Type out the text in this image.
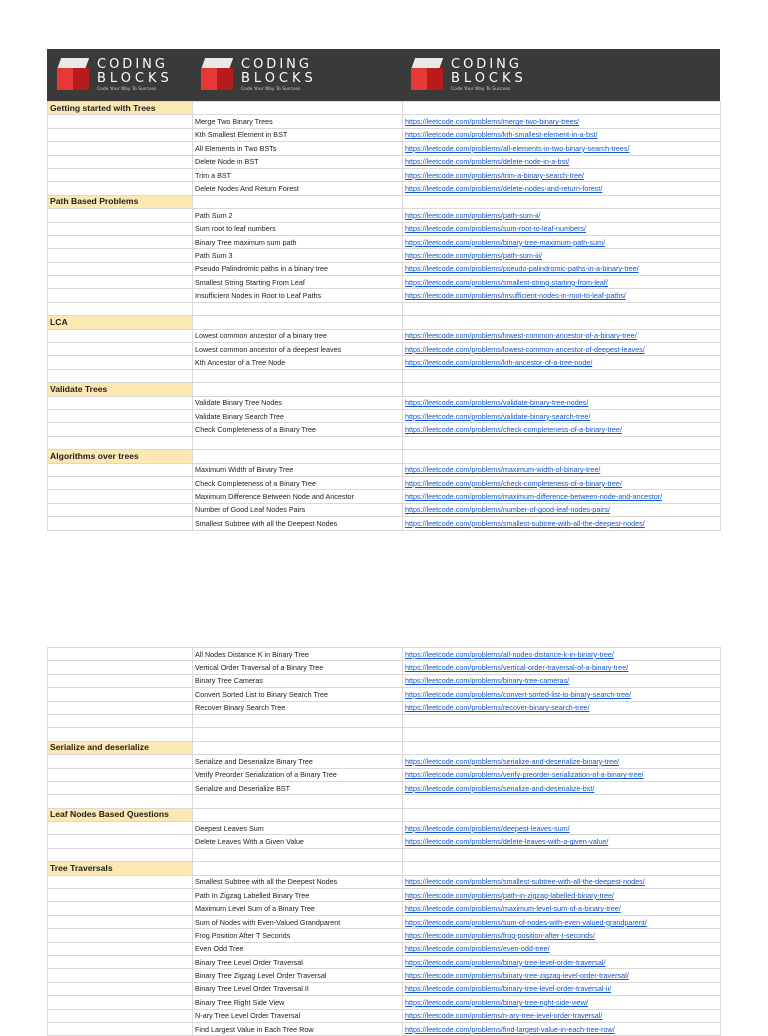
CODING
BLOCKS
Code Your Way To Success
CODING
BLOCKS
Code Your Way To Success
CODING
BLOCKS
Code Your Way To Success
Getting started with Trees		
	Merge Two Binary Trees	https://leetcode.com/problems/merge-two-binary-trees/
	Kth Smallest Element in BST	https://leetcode.com/problems/kth-smallest-element-in-a-bst/
	All Elements in Two BSTs	https://leetcode.com/problems/all-elements-in-two-binary-search-trees/
	Delete Node in BST	https://leetcode.com/problems/delete-node-in-a-bst/
	Trim a BST	https://leetcode.com/problems/trim-a-binary-search-tree/
	Delete Nodes And Return Forest	https://leetcode.com/problems/delete-nodes-and-return-forest/
Path Based Problems		
	Path Sum 2	https://leetcode.com/problems/path-sum-ii/
	Sum root to leaf numbers	https://leetcode.com/problems/sum-root-to-leaf-numbers/
	Binary Tree maximum sum path	https://leetcode.com/problems/binary-tree-maximum-path-sum/
	Path Sum 3	https://leetcode.com/problems/path-sum-iii/
	Pseudo Palindromic paths in a binary tree	https://leetcode.com/problems/pseudo-palindromic-paths-in-a-binary-tree/
	Smallest String Starting From Leaf	https://leetcode.com/problems/smallest-string-starting-from-leaf/
	Insufficient Nodes in Root to Leaf Paths	https://leetcode.com/problems/insufficient-nodes-in-root-to-leaf-paths/

LCA		
	Lowest common ancestor of a binary tree	https://leetcode.com/problems/lowest-common-ancestor-of-a-binary-tree/
	Lowest common ancestor of a deepest leaves	https://leetcode.com/problems/lowest-common-ancestor-of-deepest-leaves/
	Kth Ancestor of a Tree Node	https://leetcode.com/problems/kth-ancestor-of-a-tree-node/

Validate Trees		
	Validate Binary Tree Nodes	https://leetcode.com/problems/validate-binary-tree-nodes/
	Validate Binary Search Tree	https://leetcode.com/problems/validate-binary-search-tree/
	Check Completeness of a Binary Tree	https://leetcode.com/problems/check-completeness-of-a-binary-tree/

Algorithms over trees		
	Maximum Width of Binary Tree	https://leetcode.com/problems/maximum-width-of-binary-tree/
	Check Completeness of a Binary Tree	https://leetcode.com/problems/check-completeness-of-a-binary-tree/
	Maximum Difference Between Node and Ancestor	https://leetcode.com/problems/maximum-difference-between-node-and-ancestor/
	Number of Good Leaf Nodes Pairs	https://leetcode.com/problems/number-of-good-leaf-nodes-pairs/
	Smallest Subtree with all the Deepest Nodes	https://leetcode.com/problems/smallest-subtree-with-all-the-deepest-nodes/
	All Nodes Distance K in Binary Tree	https://leetcode.com/problems/all-nodes-distance-k-in-binary-tree/
	Vertical Order Traversal of a Binary Tree	https://leetcode.com/problems/vertical-order-traversal-of-a-binary-tree/
	Binary Tree Cameras	https://leetcode.com/problems/binary-tree-cameras/
	Convert Sorted List to Binary Search Tree	https://leetcode.com/problems/convert-sorted-list-to-binary-search-tree/
	Recover Binary Search Tree	https://leetcode.com/problems/recover-binary-search-tree/

Serialize and deserialize		
	Serialize and Deserialize Binary Tree	https://leetcode.com/problems/serialize-and-deserialize-binary-tree/
	Verify Preorder Serialization of a Binary Tree	https://leetcode.com/problems/verify-preorder-serialization-of-a-binary-tree/
	Serialize and Deserialize BST	https://leetcode.com/problems/serialize-and-deserialize-bst/

Leaf Nodes Based Questions		
	Deepest Leaves Sum	https://leetcode.com/problems/deepest-leaves-sum/
	Delete Leaves With a Given Value	https://leetcode.com/problems/delete-leaves-with-a-given-value/

Tree Traversals		
	Smallest Subtree with all the Deepest Nodes	https://leetcode.com/problems/smallest-subtree-with-all-the-deepest-nodes/
	Path In Zigzag Labelled Binary Tree	https://leetcode.com/problems/path-in-zigzag-labelled-binary-tree/
	Maximum Level Sum of a Binary Tree	https://leetcode.com/problems/maximum-level-sum-of-a-binary-tree/
	Sum of Nodes with Even-Valued Grandparent	https://leetcode.com/problems/sum-of-nodes-with-even-valued-grandparent/
	Frog Position After T Seconds	https://leetcode.com/problems/frog-position-after-t-seconds/
	Even Odd Tree	https://leetcode.com/problems/even-odd-tree/
	Binary Tree Level Order Traversal	https://leetcode.com/problems/binary-tree-level-order-traversal/
	Binary Tree Zigzag Level Order Traversal	https://leetcode.com/problems/binary-tree-zigzag-level-order-traversal/
	Binary Tree Level Order Traversal II	https://leetcode.com/problems/binary-tree-level-order-traversal-ii/
	Binary Tree Right Side View	https://leetcode.com/problems/binary-tree-right-side-view/
	N-ary Tree Level Order Traversal	https://leetcode.com/problems/n-ary-tree-level-order-traversal/
	Find Largest Value in Each Tree Row	https://leetcode.com/problems/find-largest-value-in-each-tree-row/
